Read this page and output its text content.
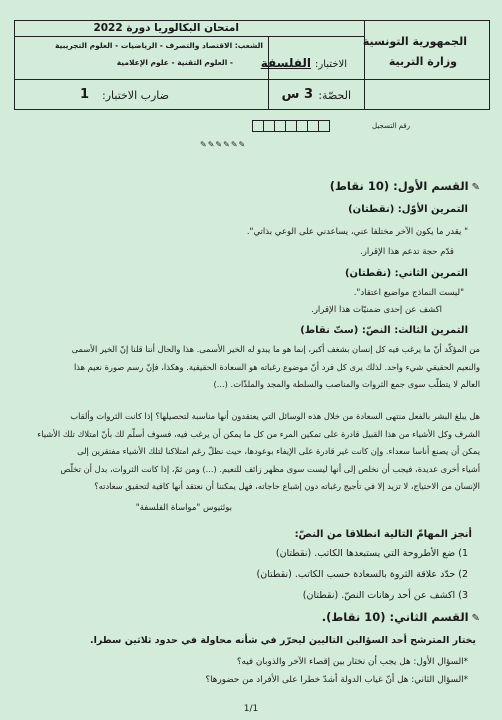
الجمهورية التونسية
وزارة التربية
امتحان البكالوريا دورة 2022
الشعب: الاقتصاد والتصرف - الرياضيات - العلوم التجريبية
- العلوم التقنية - علوم الإعلامية	الاختبار:
الفلسفة
الحصّة:
3 س
ضارب الاختبار:
1
رقم التسجيل
✎✎✎✎✎✎
✎القسم الأول: (10 نقاط)
التمرين الأوّل: (نقطتان)
" يقدر ما يكون الآخر مختلفا عني، يساعدني على الوعي بذاتي".
قدّم حجة تدعم هذا الإقرار.
التمرين الثاني: (نقطتان)
"ليست النماذج مواضيع اعتقاد".
اكشف عن إحدى ضمنيّات هذا الإقرار.
التمرين الثالث: النصّ: (ستّ نقاط)
من المؤكّد أنّ ما يرغب فيه كل إنسان بشغف أكبر، إنما هو ما يبدو له الخير الأسمى. هذا والحال أننا قلنا إنّ الخير الأسمى
والنعيم الحقيقي شيء واحد. لذلك يرى كل فرد أنّ موضوع رغباته هو السعادة الحقيقية. وهكذا، فإنّ رسم صورة نعيم هذا
العالم لا يتطلّب سوى جمع الثروات والمناصب والسلطة والمجد والملذّات. (...)
هل يبلغ البشر بالفعل منتهى السعادة من خلال هذه الوسائل التي يعتقدون أنها مناسبة لتحصيلها؟ إذا كانت الثروات وألقاب
الشرف وكل الأشياء من هذا القبيل قادرة على تمكين المرء من كل ما يمكن أن يرغب فيه، فسوف أسلّم لك بأنّ امتلاك تلك الأشياء
يمكن أن يصنع أناسا سعداء. وإن كانت غير قادرة على الإيفاء بوعودها، حيث نظلّ رغم امتلاكنا لتلك الأشياء مفتقرين إلى
أشياء أخرى عديدة، فيجب أن نخلص إلى أنها ليست سوى مظهر زائف للنعيم. (...) ومن ثمّ، إذا كانت الثروات، بدل أن تخلّص
الإنسان من الاحتياج، لا تزيد إلا في تأجيج رغباته دون إشباع حاجاته، فهل يمكننا أن نعتقد أنها كافية لتحقيق سعادته؟
بوئثيوس "مواساة الفلسفة"
أنجز المهامّ التالية انطلاقا من النصّ:
1) ضع الأطروحة التي يستبعدها الكاتب. (نقطتان)
2) حدّد علاقة الثروة بالسعادة حسب الكاتب. (نقطتان)
3) اكشف عن أحد رهانات النصّ. (نقطتان)
✎القسم الثاني: (10 نقاط).
يختار المترشح أحد السؤالين التاليين ليحرّر في شأنه محاولة في حدود ثلاثين سطرا.
*السؤال الأول: هل يجب أن نختار بين إقصاء الآخر والذوبان فيه؟
*السؤال الثاني: هل أنّ غياب الدولة أشدّ خطرا على الأفراد من حضورها؟
1/1
